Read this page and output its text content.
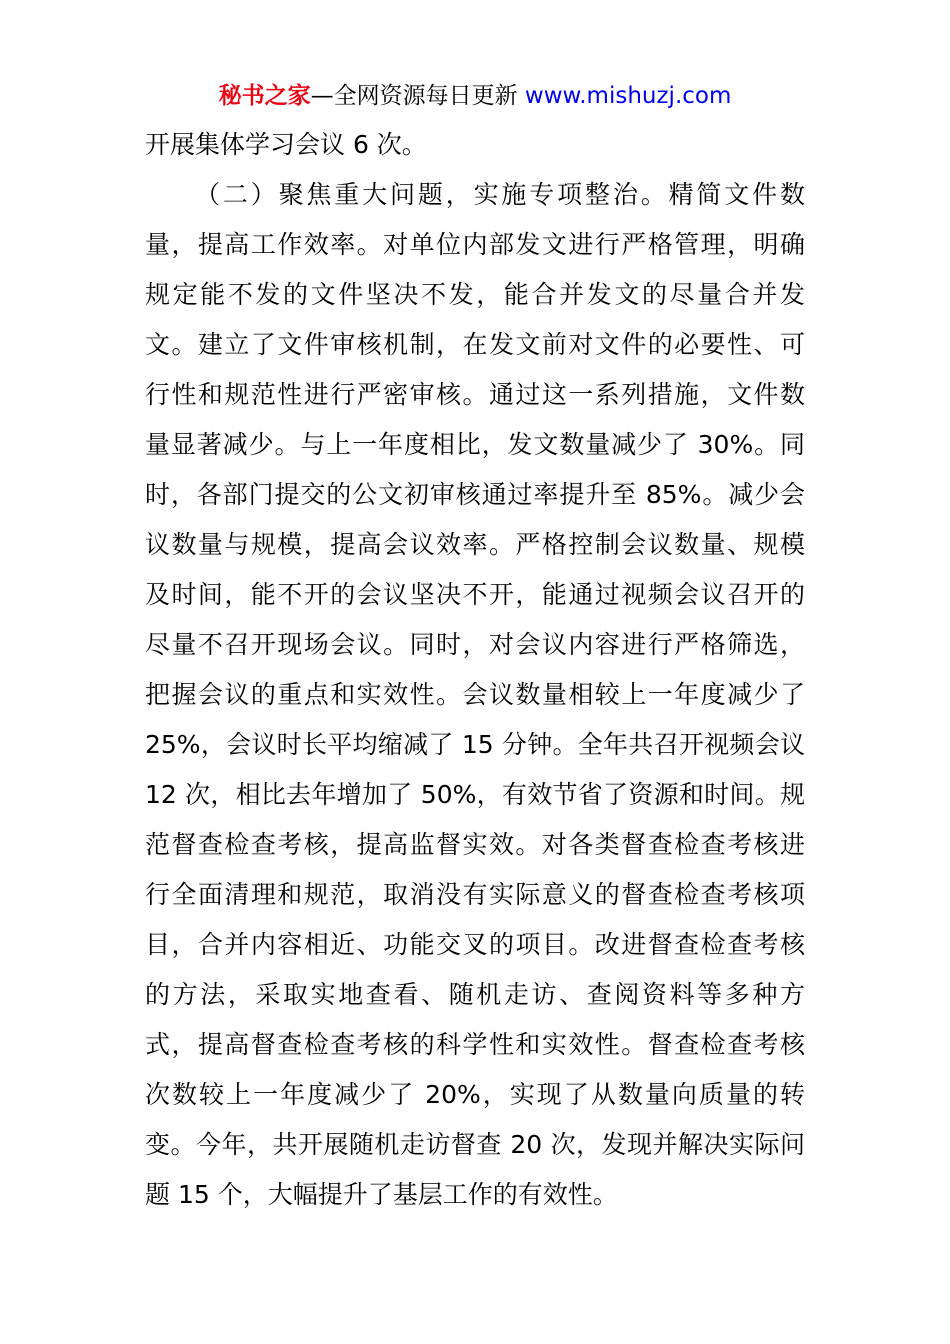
秘书之家—全网资源每日更新 www.mishuzj.com
开展集体学习会议 6 次。
（二）聚焦重大问题，实施专项整治。精简文件数
量，提高工作效率。对单位内部发文进行严格管理，明确
规定能不发的文件坚决不发，能合并发文的尽量合并发
文。建立了文件审核机制，在发文前对文件的必要性、可
行性和规范性进行严密审核。通过这一系列措施，文件数
量显著减少。与上一年度相比，发文数量减少了 30%。同
时，各部门提交的公文初审核通过率提升至 85%。减少会
议数量与规模，提高会议效率。严格控制会议数量、规模
及时间，能不开的会议坚决不开，能通过视频会议召开的
尽量不召开现场会议。同时，对会议内容进行严格筛选，
把握会议的重点和实效性。会议数量相较上一年度减少了
25%，会议时长平均缩减了 15 分钟。全年共召开视频会议
12 次，相比去年增加了 50%，有效节省了资源和时间。规
范督查检查考核，提高监督实效。对各类督查检查考核进
行全面清理和规范，取消没有实际意义的督查检查考核项
目，合并内容相近、功能交叉的项目。改进督查检查考核
的方法，采取实地查看、随机走访、查阅资料等多种方
式，提高督查检查考核的科学性和实效性。督查检查考核
次数较上一年度减少了 20%，实现了从数量向质量的转
变。今年，共开展随机走访督查 20 次，发现并解决实际问
题 15 个，大幅提升了基层工作的有效性。
